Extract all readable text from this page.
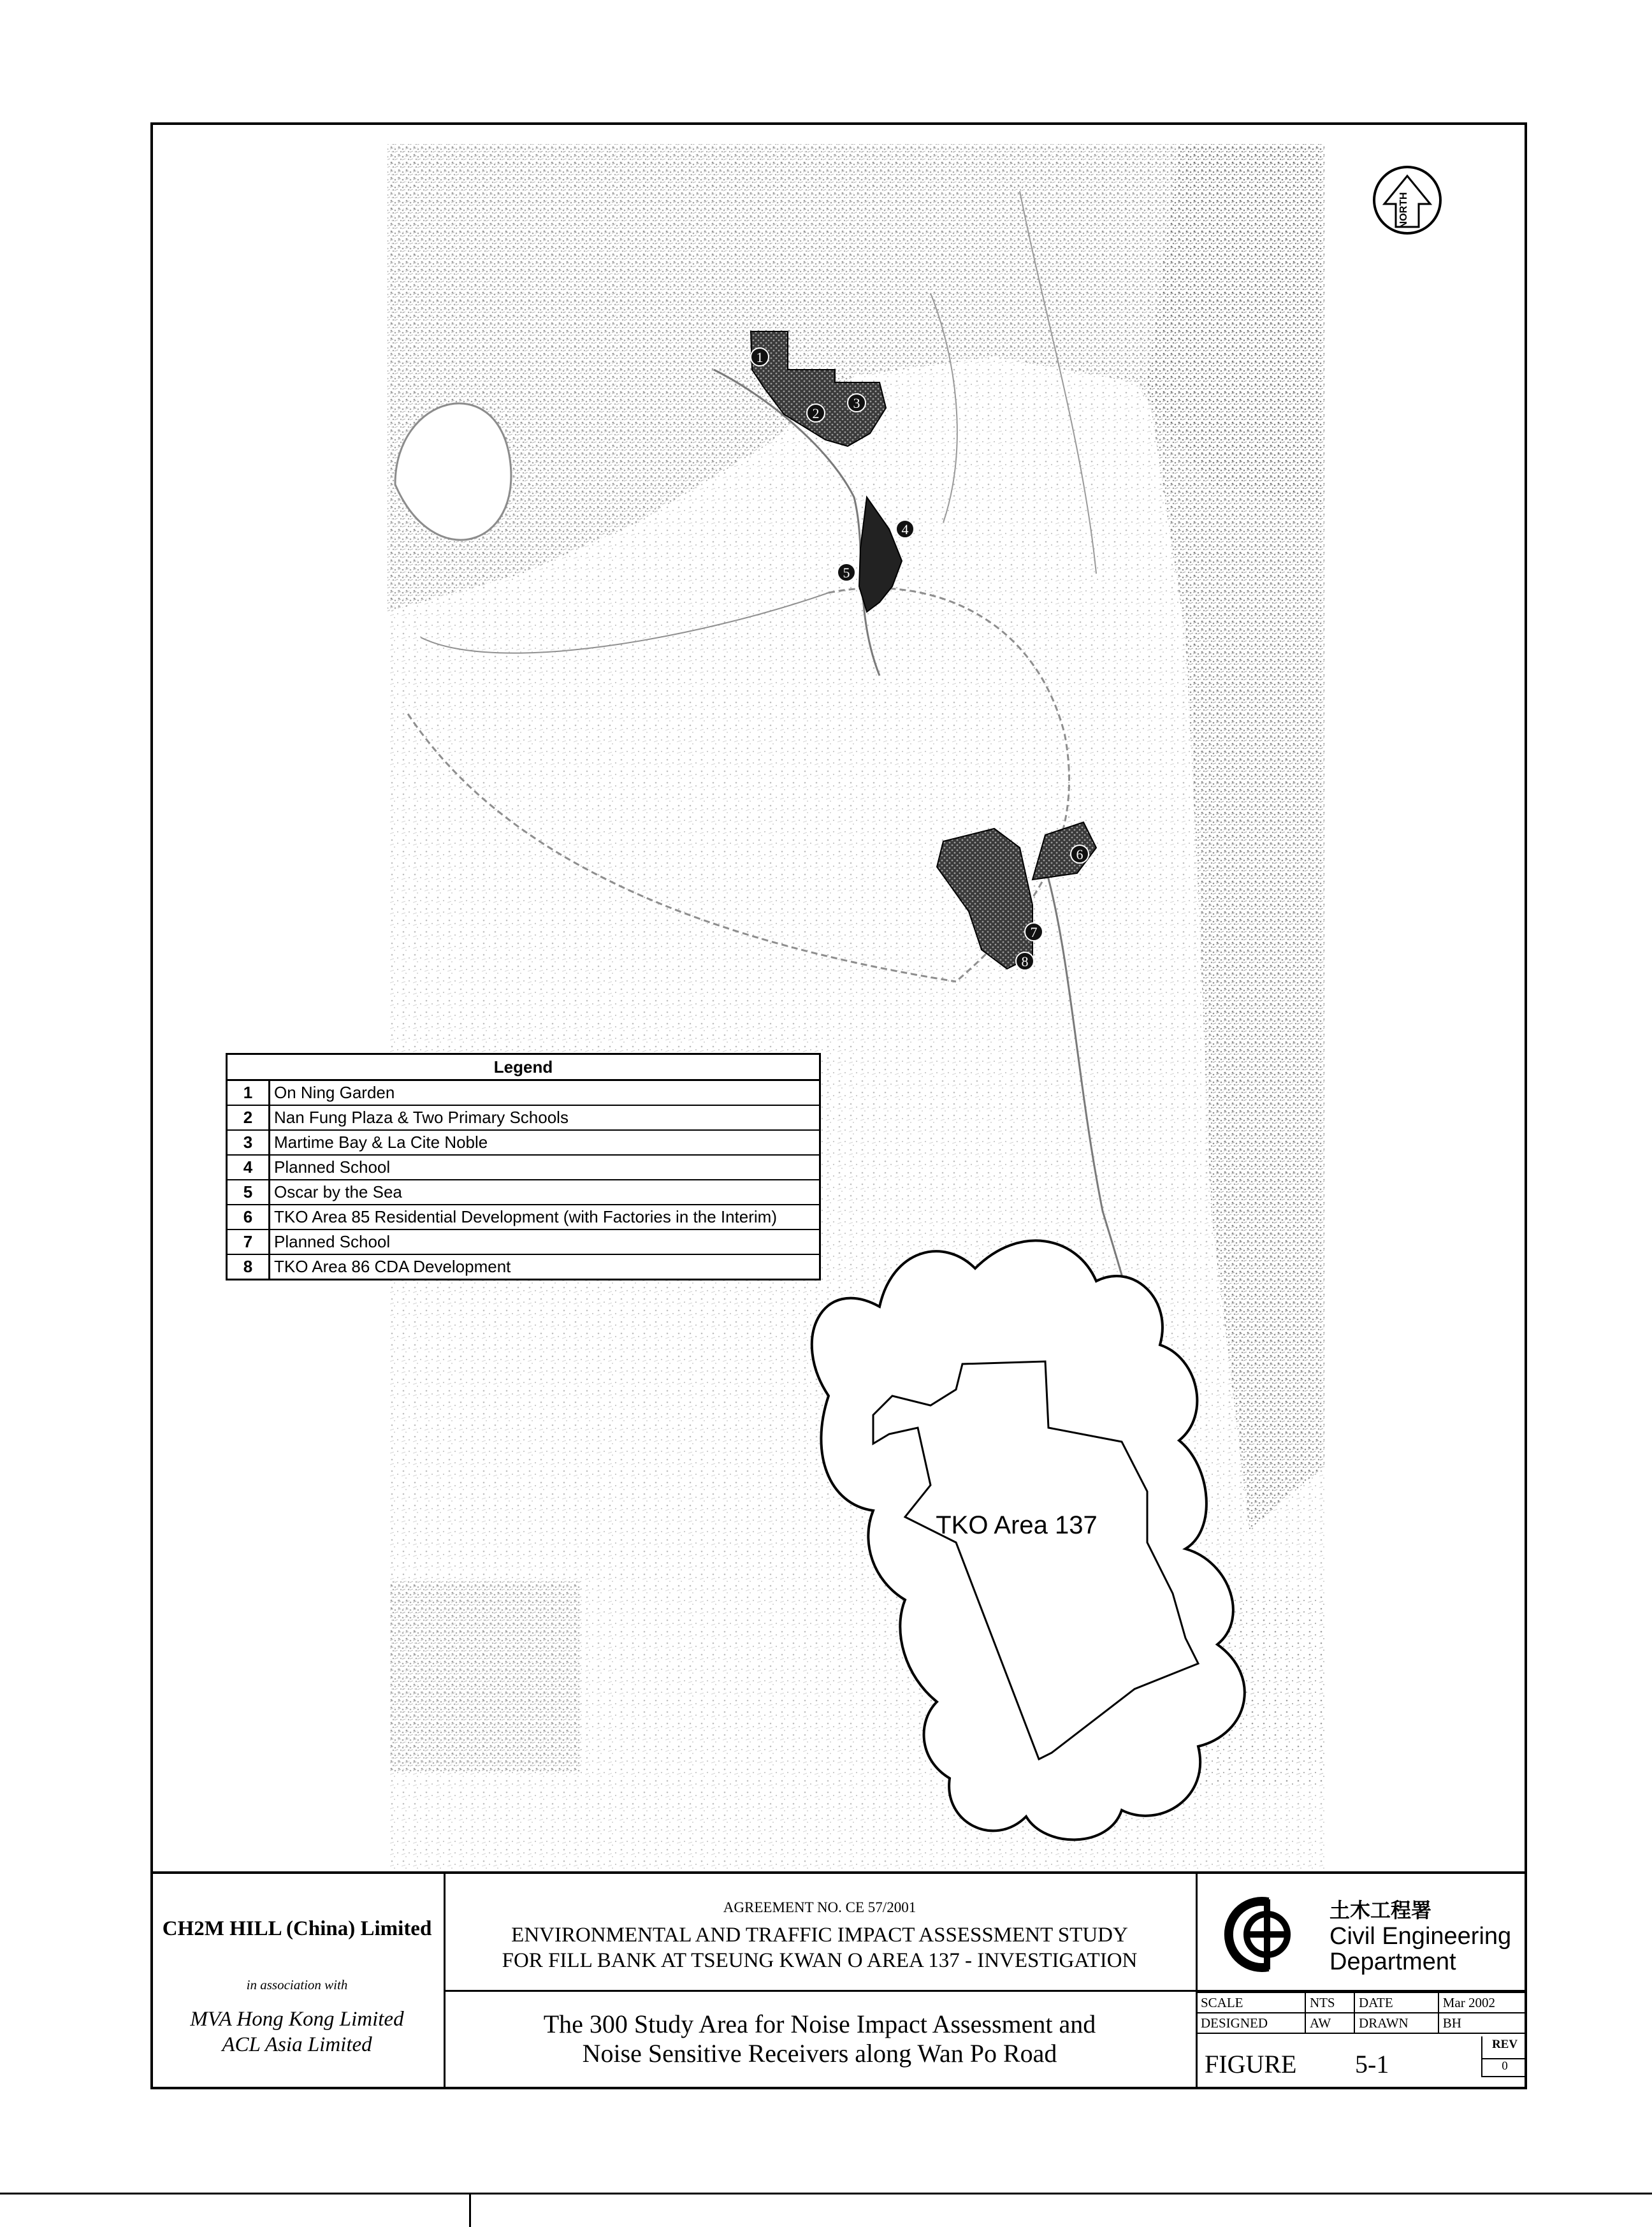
1
2
3
4
5
6
7
8
TKO Area 137
NORTH
Legend	
1	On Ning Garden
2	Nan Fung Plaza & Two Primary Schools
3	Martime Bay & La Cite Noble
4	Planned School
5	Oscar by the Sea
6	TKO Area 85 Residential Development (with Factories in the Interim)
7	Planned School
8	TKO Area 86 CDA Development
CH2M HILL (China) Limited
in association with
MVA Hong Kong Limited
ACL Asia Limited
AGREEMENT NO. CE 57/2001
ENVIRONMENTAL AND TRAFFIC IMPACT ASSESSMENT STUDY
FOR FILL BANK AT TSEUNG KWAN O AREA 137 - INVESTIGATION
The 300 Study Area for Noise Impact Assessment and
Noise Sensitive Receivers along Wan Po Road
土木工程署
Civil Engineering
Department
SCALE	NTS	DATE	Mar 2002
DESIGNED	AW	DRAWN	BH
FIGURE 5-1
REV
0
